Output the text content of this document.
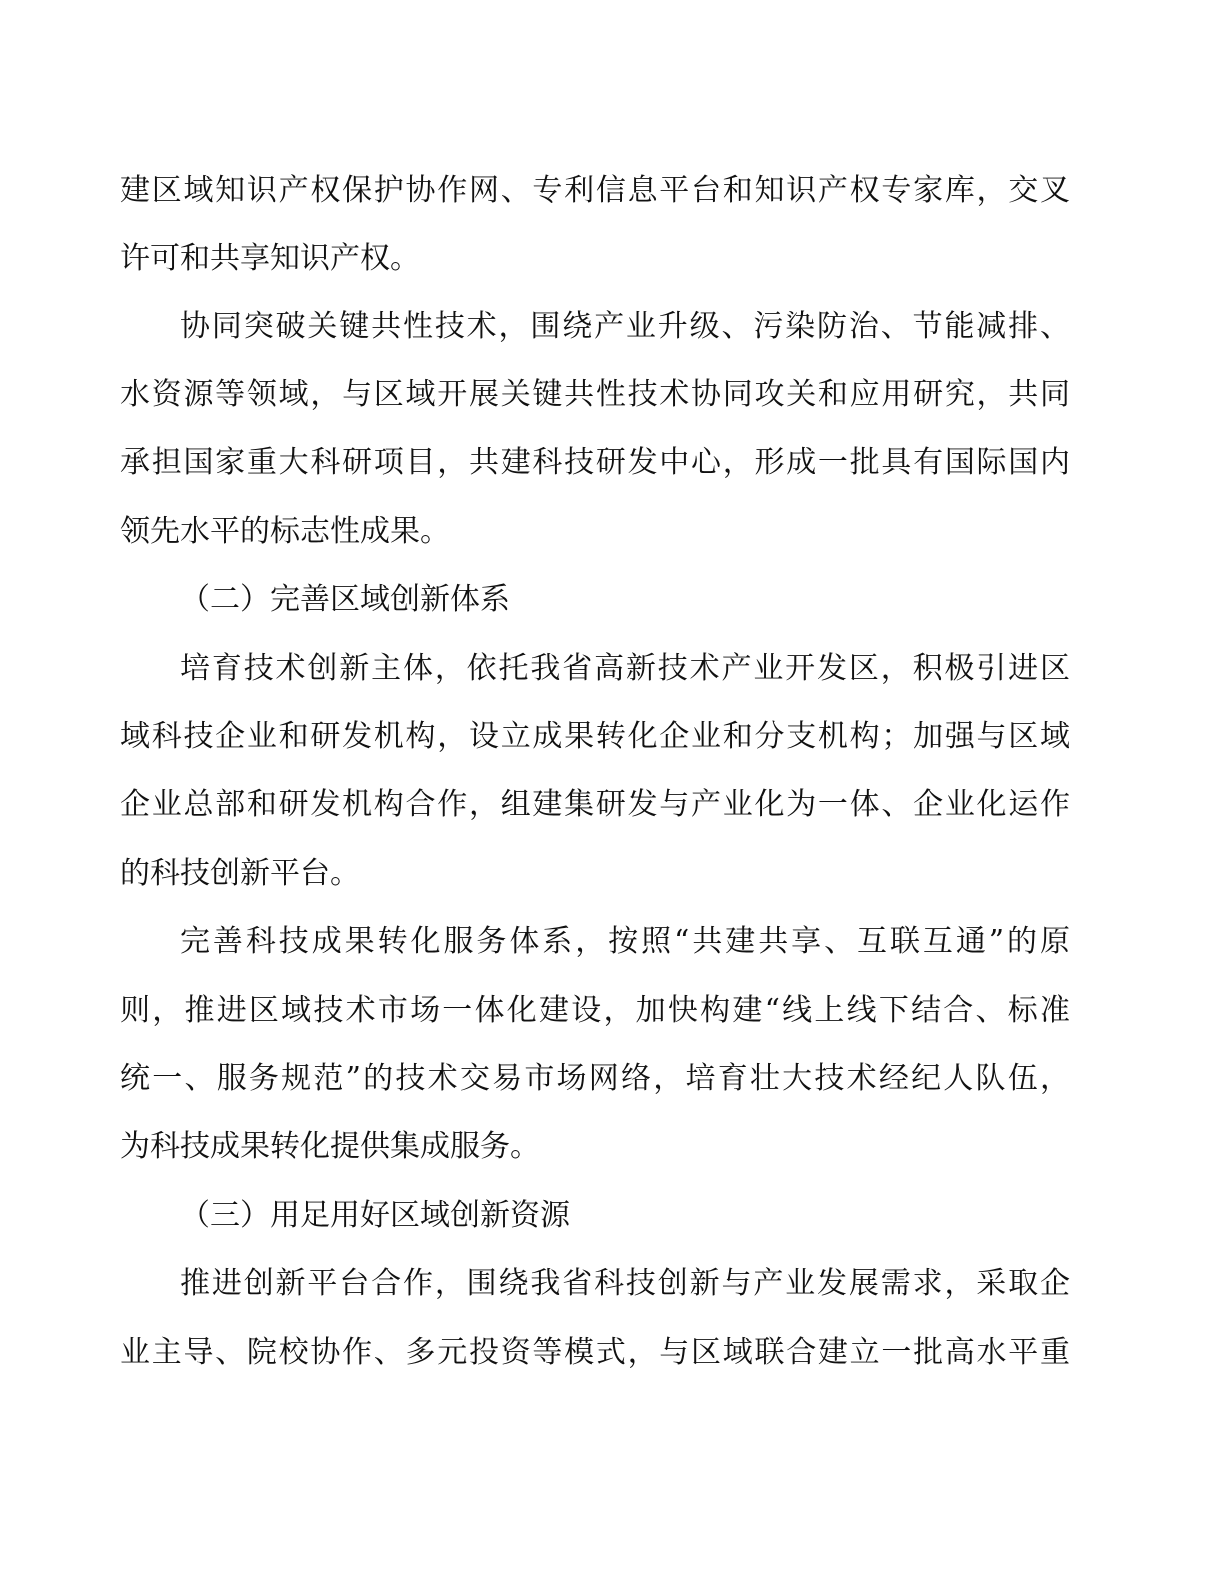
建区域知识产权保护协作网、专利信息平台和知识产权专家库，交叉

许可和共享知识产权。

协同突破关键共性技术，围绕产业升级、污染防治、节能减排、

水资源等领域，与区域开展关键共性技术协同攻关和应用研究，共同

承担国家重大科研项目，共建科技研发中心，形成一批具有国际国内

领先水平的标志性成果。

（二）完善区域创新体系

培育技术创新主体，依托我省高新技术产业开发区，积极引进区

域科技企业和研发机构，设立成果转化企业和分支机构；加强与区域

企业总部和研发机构合作，组建集研发与产业化为一体、企业化运作

的科技创新平台。

完善科技成果转化服务体系，按照“共建共享、互联互通”的原

则，推进区域技术市场一体化建设，加快构建“线上线下结合、标准

统一、服务规范”的技术交易市场网络，培育壮大技术经纪人队伍，

为科技成果转化提供集成服务。

（三）用足用好区域创新资源

推进创新平台合作，围绕我省科技创新与产业发展需求，采取企

业主导、院校协作、多元投资等模式，与区域联合建立一批高水平重
